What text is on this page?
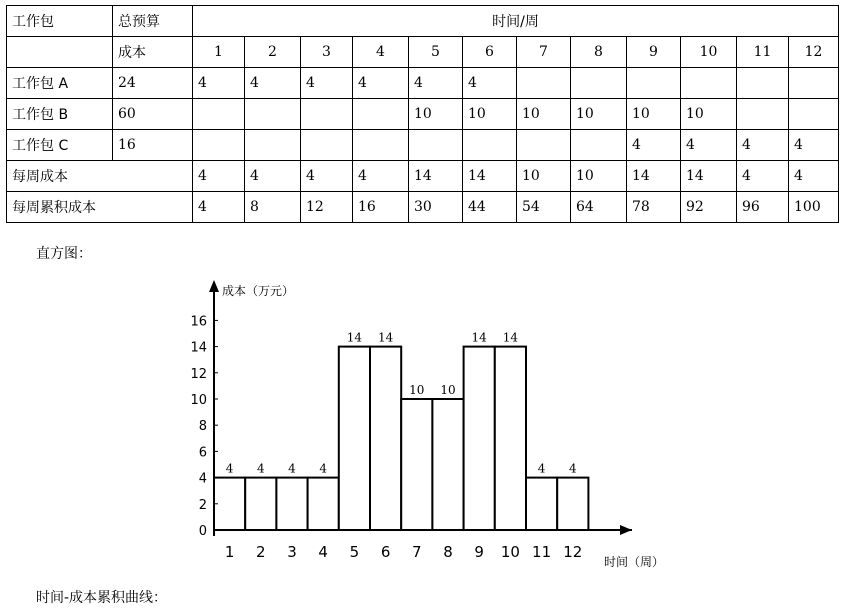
工作包	总预算	时间/周											
	成本	1	2	3	4	5	6	7	8	9	10	11	12
工作包 A	24	4	4	4	4	4	4						
工作包 B	60					10	10	10	10	10	10		
工作包 C	16									4	4	4	4
每周成本		4	4	4	4	14	14	10	10	14	14	4	4
每周累积成本		4	8	12	16	30	44	54	64	78	92	96	100
直方图：
4 4 4 4
14 14
10 10
14 14
4 4
0
2
4
6
8
10
12
14
16
1 2 3 4 5 6 7 8 9 10 11 12
成本（万元）
时间（周）
时间-成本累积曲线：
